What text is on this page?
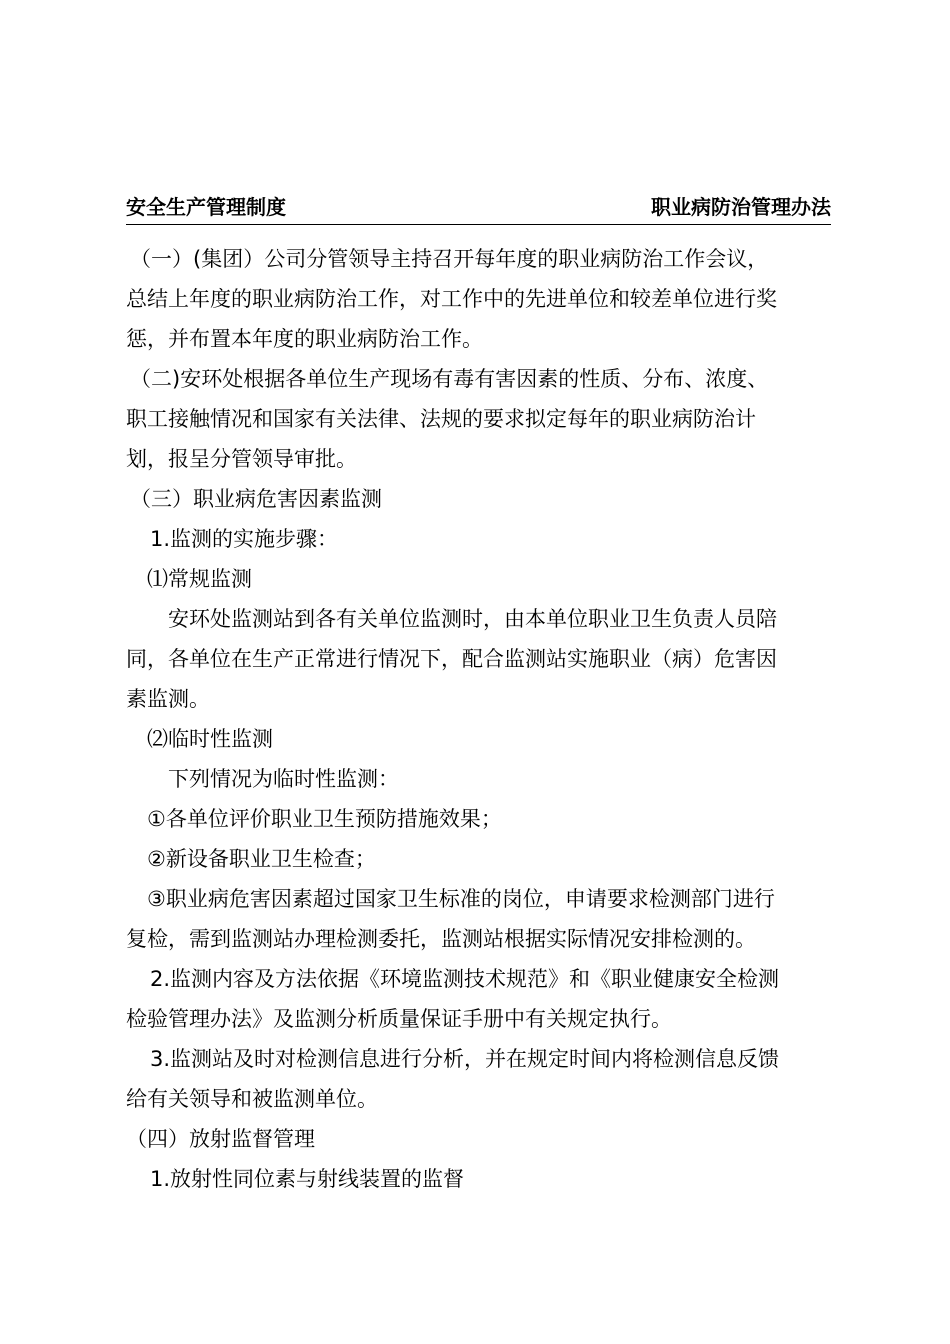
安全生产管理制度	职业病防治管理办法

（一）(集团）公司分管领导主持召开每年度的职业病防治工作会议，

总结上年度的职业病防治工作，对工作中的先进单位和较差单位进行奖

惩，并布置本年度的职业病防治工作。

（二)安环处根据各单位生产现场有毒有害因素的性质、分布、浓度、

职工接触情况和国家有关法律、法规的要求拟定每年的职业病防治计

划，报呈分管领导审批。

（三）职业病危害因素监测

1.监测的实施步骤：

⑴常规监测

安环处监测站到各有关单位监测时，由本单位职业卫生负责人员陪

同，各单位在生产正常进行情况下，配合监测站实施职业（病）危害因

素监测。

⑵临时性监测

下列情况为临时性监测：

①各单位评价职业卫生预防措施效果；

②新设备职业卫生检查；

③职业病危害因素超过国家卫生标准的岗位，申请要求检测部门进行

复检，需到监测站办理检测委托，监测站根据实际情况安排检测的。

2.监测内容及方法依据《环境监测技术规范》和《职业健康安全检测

检验管理办法》及监测分析质量保证手册中有关规定执行。

3.监测站及时对检测信息进行分析，并在规定时间内将检测信息反馈

给有关领导和被监测单位。

（四）放射监督管理

1.放射性同位素与射线装置的监督
